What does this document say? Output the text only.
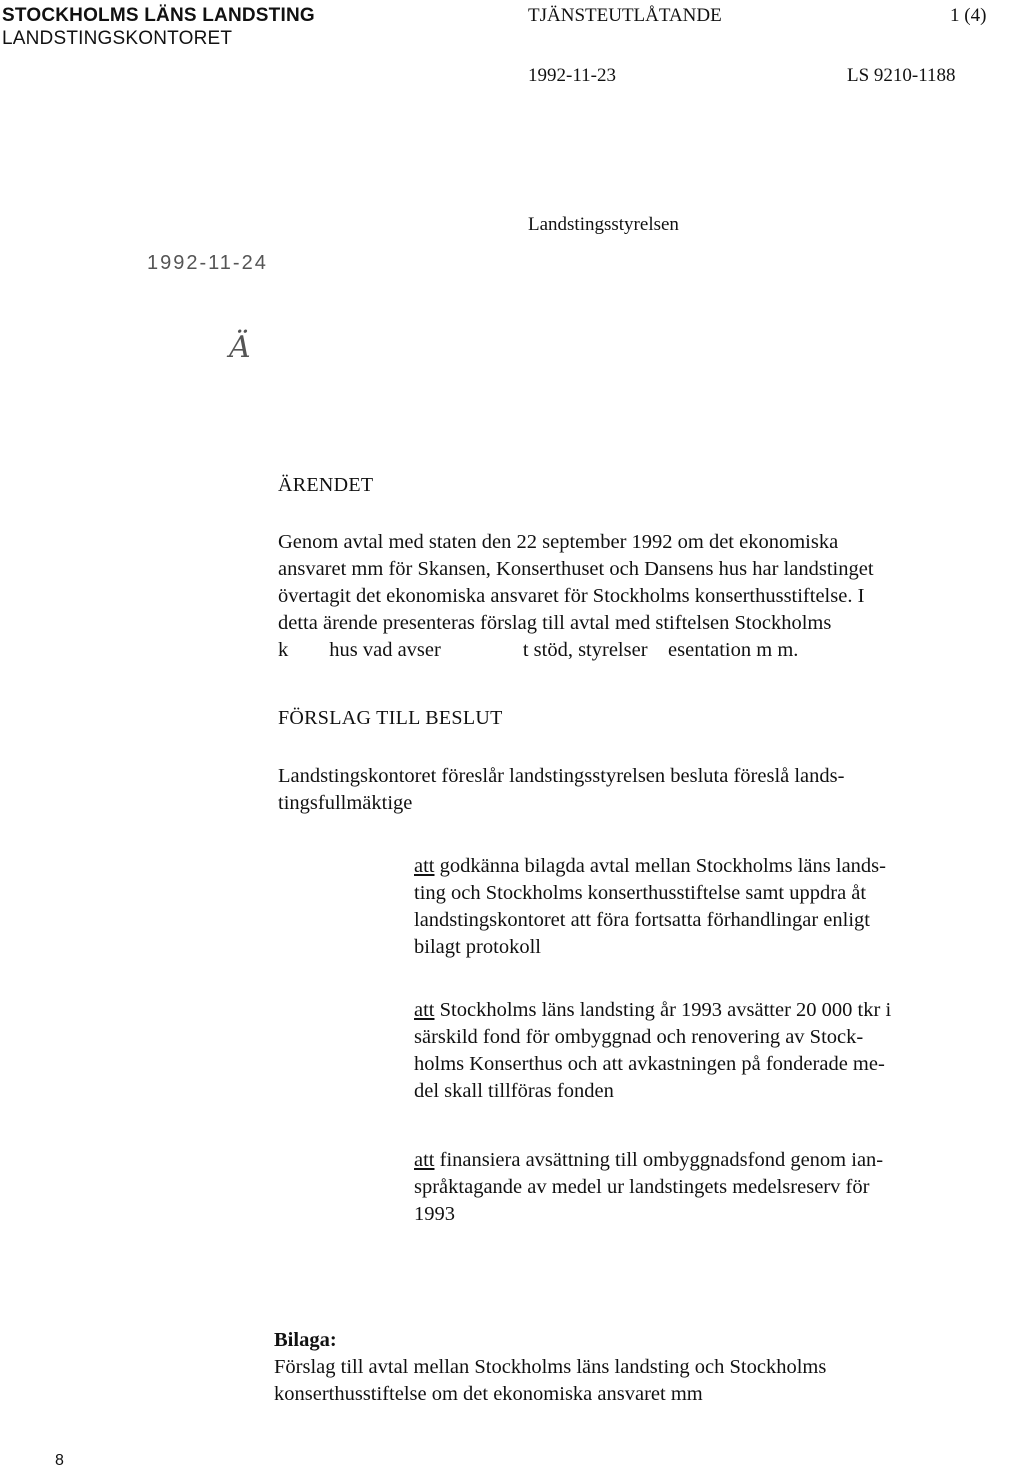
STOCKHOLMS LÄNS LANDSTING
LANDSTINGSKONTORET
TJÄNSTEUTLÅTANDE	1 (4)
1992-11-23	LS 9210-1188
Landstingsstyrelsen
1992-11-24
Ä
ÄRENDET
Genom avtal med staten den 22 september 1992 om det ekonomiska
ansvaret mm för Skansen, Konserthuset och Dansens hus har landstinget
övertagit det ekonomiska ansvaret för Stockholms konserthusstiftelse. I
detta ärende presenteras förslag till avtal med stiftelsen Stockholms
k        hus vad avser                t stöd, styrelser    esentation m m.
FÖRSLAG TILL BESLUT
Landstingskontoret föreslår landstingsstyrelsen besluta föreslå lands-
tingsfullmäktige
att godkänna bilagda avtal mellan Stockholms läns lands-
ting och Stockholms konserthusstiftelse samt uppdra åt
landstingskontoret att föra fortsatta förhandlingar enligt
bilagt protokoll
att Stockholms läns landsting år 1993 avsätter 20 000 tkr i
särskild fond för ombyggnad och renovering av Stock-
holms Konserthus och att avkastningen på fonderade me-
del skall tillföras fonden
att finansiera avsättning till ombyggnadsfond genom ian-
språktagande av medel ur landstingets medelsreserv för
1993
Bilaga:
Förslag till avtal mellan Stockholms läns landsting och Stockholms
konserthusstiftelse om det ekonomiska ansvaret mm
8
